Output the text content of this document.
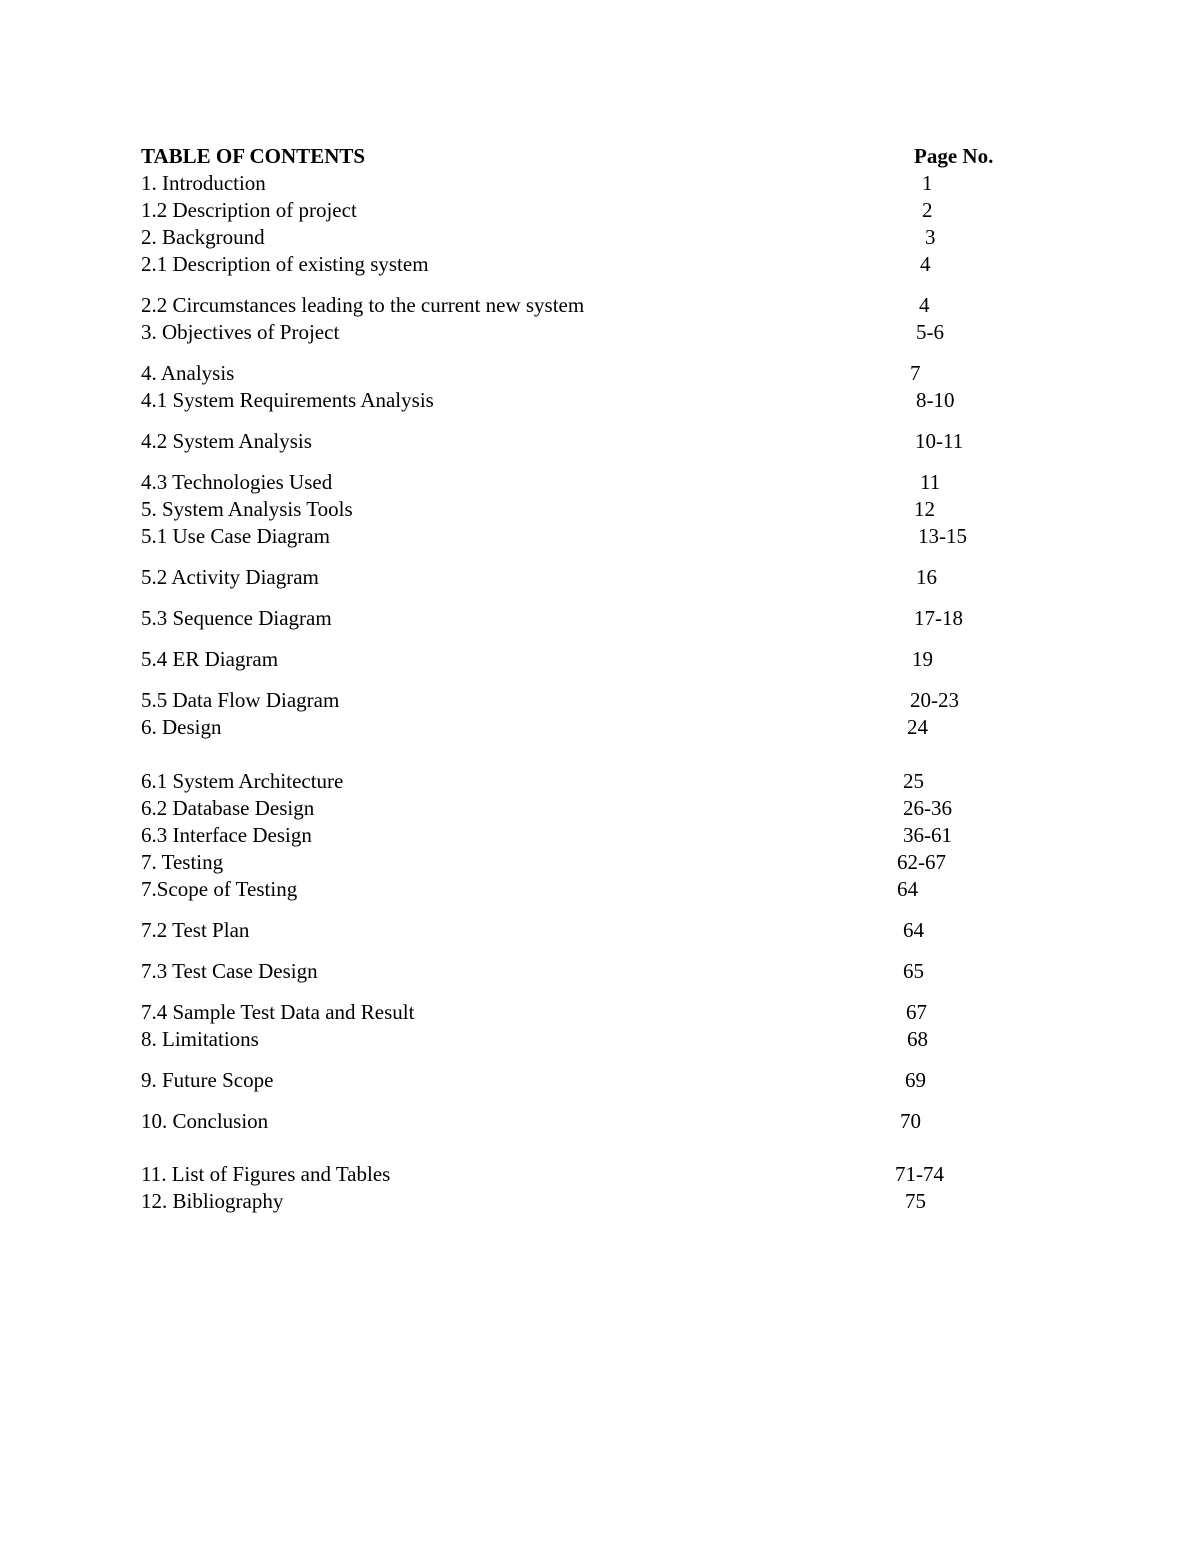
TABLE OF CONTENTS	Page No.
1. Introduction	1
1.2 Description of project	2
2. Background	3
2.1 Description of existing system	4
2.2 Circumstances leading to the current new system	4
3. Objectives of Project	5-6
4. Analysis	7
4.1 System Requirements Analysis	8-10
4.2 System Analysis	10-11
4.3 Technologies Used	11
5. System Analysis Tools	12
5.1 Use Case Diagram	13-15
5.2 Activity Diagram	16
5.3 Sequence Diagram	17-18
5.4 ER Diagram	19
5.5 Data Flow Diagram	20-23
6. Design	24
6.1 System Architecture	25
6.2 Database Design	26-36
6.3 Interface Design	36-61
7. Testing	62-67
7.Scope of Testing	64
7.2 Test Plan	64
7.3 Test Case Design	65
7.4 Sample Test Data and Result	67
8. Limitations	68
9. Future Scope	69
10. Conclusion	70
11. List of Figures and Tables	71-74
12. Bibliography	75
